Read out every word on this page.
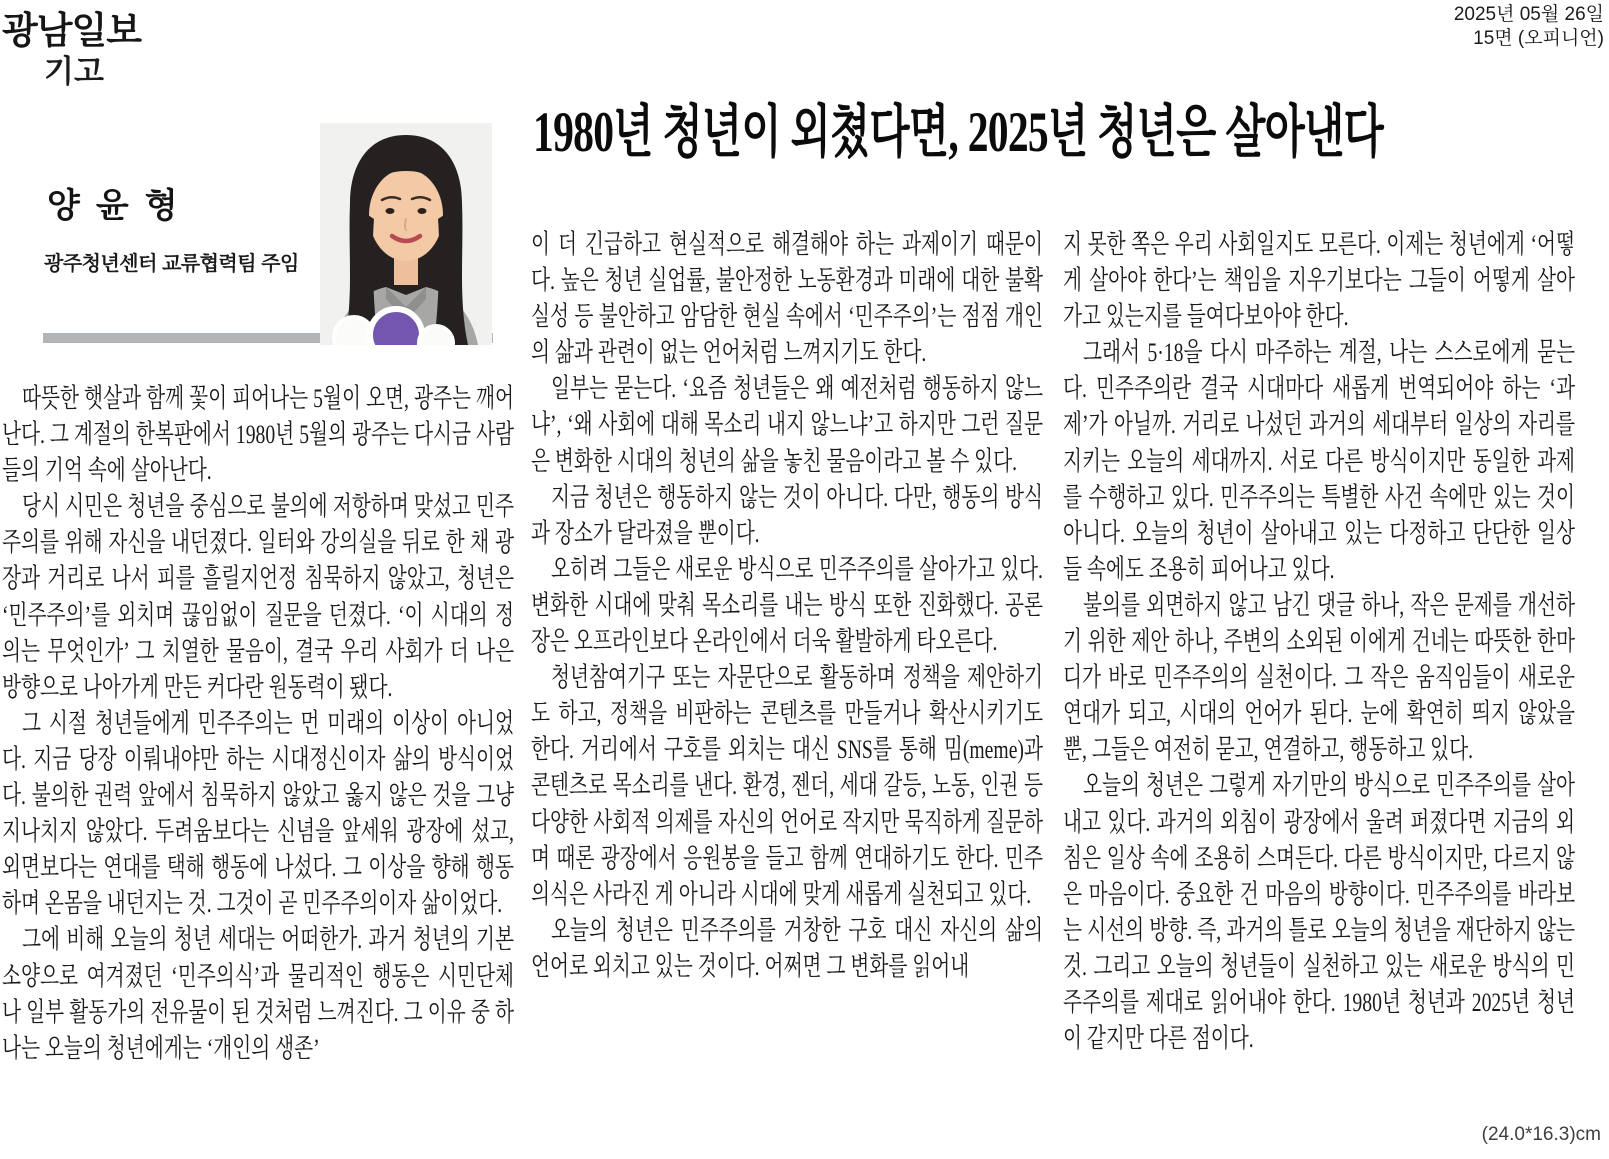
광남일보
기고
2025년 05월 26일
15면 (오피니언)
1980년 청년이 외쳤다면, 2025년 청년은 살아낸다
양윤형
광주청년센터 교류협력팀 주임

따뜻한 햇살과 함께 꽃이 피어나는 5월이 오면, 광주는 깨어난다. 그 계절의 한복판에서 1980년 5월의 광주는 다시금 사람들의 기억 속에 살아난다.

당시 시민은 청년을 중심으로 불의에 저항하며 맞섰고 민주주의를 위해 자신을 내던졌다. 일터와 강의실을 뒤로 한 채 광장과 거리로 나서 피를 흘릴지언정 침묵하지 않았고, 청년은 ‘민주주의’를 외치며 끊임없이 질문을 던졌다. ‘이 시대의 정의는 무엇인가’ 그 치열한 물음이, 결국 우리 사회가 더 나은 방향으로 나아가게 만든 커다란 원동력이 됐다.

그 시절 청년들에게 민주주의는 먼 미래의 이상이 아니었다. 지금 당장 이뤄내야만 하는 시대정신이자 삶의 방식이었다. 불의한 권력 앞에서 침묵하지 않았고 옳지 않은 것을 그냥 지나치지 않았다. 두려움보다는 신념을 앞세워 광장에 섰고, 외면보다는 연대를 택해 행동에 나섰다. 그 이상을 향해 행동하며 온몸을 내던지는 것. 그것이 곧 민주주의이자 삶이었다.

그에 비해 오늘의 청년 세대는 어떠한가. 과거 청년의 기본 소양으로 여겨졌던 ‘민주의식’과 물리적인 행동은 시민단체나 일부 활동가의 전유물이 된 것처럼 느껴진다. 그 이유 중 하나는 오늘의 청년에게는 ‘개인의 생존’

이 더 긴급하고 현실적으로 해결해야 하는 과제이기 때문이다. 높은 청년 실업률, 불안정한 노동환경과 미래에 대한 불확실성 등 불안하고 암담한 현실 속에서 ‘민주주의’는 점점 개인의 삶과 관련이 없는 언어처럼 느껴지기도 한다.

일부는 묻는다. ‘요즘 청년들은 왜 예전처럼 행동하지 않느냐’, ‘왜 사회에 대해 목소리 내지 않느냐’고 하지만 그런 질문은 변화한 시대의 청년의 삶을 놓친 물음이라고 볼 수 있다.

지금 청년은 행동하지 않는 것이 아니다. 다만, 행동의 방식과 장소가 달라졌을 뿐이다.

오히려 그들은 새로운 방식으로 민주주의를 살아가고 있다. 변화한 시대에 맞춰 목소리를 내는 방식 또한 진화했다. 공론장은 오프라인보다 온라인에서 더욱 활발하게 타오른다.

청년참여기구 또는 자문단으로 활동하며 정책을 제안하기도 하고, 정책을 비판하는 콘텐츠를 만들거나 확산시키기도 한다. 거리에서 구호를 외치는 대신 SNS를 통해 밈(meme)과 콘텐츠로 목소리를 낸다. 환경, 젠더, 세대 갈등, 노동, 인권 등 다양한 사회적 의제를 자신의 언어로 작지만 묵직하게 질문하며 때론 광장에서 응원봉을 들고 함께 연대하기도 한다. 민주의식은 사라진 게 아니라 시대에 맞게 새롭게 실천되고 있다.

오늘의 청년은 민주주의를 거창한 구호 대신 자신의 삶의 언어로 외치고 있는 것이다. 어쩌면 그 변화를 읽어내

지 못한 쪽은 우리 사회일지도 모른다. 이제는 청년에게 ‘어떻게 살아야 한다’는 책임을 지우기보다는 그들이 어떻게 살아가고 있는지를 들여다보아야 한다.

그래서 5·18을 다시 마주하는 계절, 나는 스스로에게 묻는다. 민주주의란 결국 시대마다 새롭게 번역되어야 하는 ‘과제’가 아닐까. 거리로 나섰던 과거의 세대부터 일상의 자리를 지키는 오늘의 세대까지. 서로 다른 방식이지만 동일한 과제를 수행하고 있다. 민주주의는 특별한 사건 속에만 있는 것이 아니다. 오늘의 청년이 살아내고 있는 다정하고 단단한 일상들 속에도 조용히 피어나고 있다.

불의를 외면하지 않고 남긴 댓글 하나, 작은 문제를 개선하기 위한 제안 하나, 주변의 소외된 이에게 건네는 따뜻한 한마디가 바로 민주주의의 실천이다. 그 작은 움직임들이 새로운 연대가 되고, 시대의 언어가 된다. 눈에 확연히 띄지 않았을 뿐, 그들은 여전히 묻고, 연결하고, 행동하고 있다.

오늘의 청년은 그렇게 자기만의 방식으로 민주주의를 살아내고 있다. 과거의 외침이 광장에서 울려 퍼졌다면 지금의 외침은 일상 속에 조용히 스며든다. 다른 방식이지만, 다르지 않은 마음이다. 중요한 건 마음의 방향이다. 민주주의를 바라보는 시선의 방향. 즉, 과거의 틀로 오늘의 청년을 재단하지 않는 것. 그리고 오늘의 청년들이 실천하고 있는 새로운 방식의 민주주의를 제대로 읽어내야 한다. 1980년 청년과 2025년 청년이 같지만 다른 점이다.

(24.0*16.3)cm
